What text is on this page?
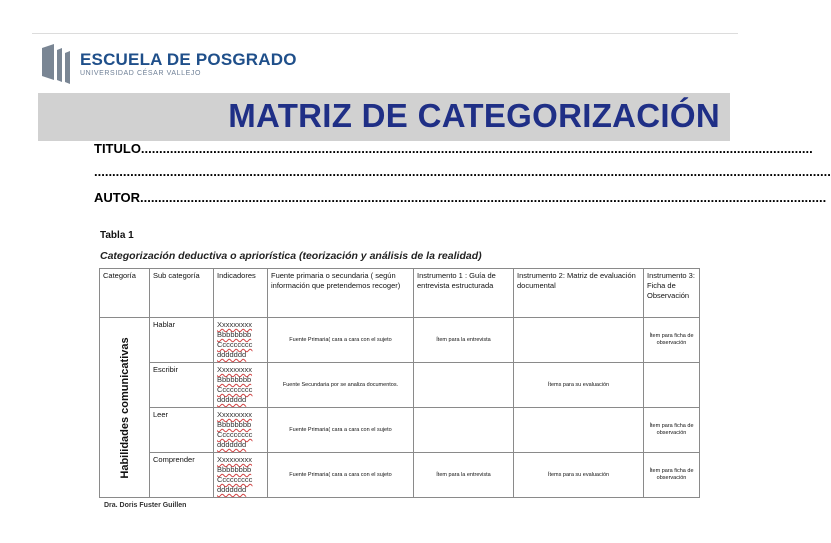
ESCUELA DE POSGRADO
UNIVERSIDAD CÉSAR VALLEJO
MATRIZ DE CATEGORIZACIÓN
TITULO..........................................................................................................................................................................................
............................................................................................................................................................................................................
AUTOR..............................................................................................................................................................................................
Tabla 1
Categorización deductiva o apriorística (teorización y análisis de la realidad)
Categoría	Sub categoría	Indicadores	Fuente primaria o secundaria ( según información que pretendemos recoger)	Instrumento 1 : Guía de entrevista estructurada	Instrumento 2: Matriz de evaluación documental	Instrumento 3: Ficha de Observación

Habilidades comunicativas	Hablar	Xxxxxxxxx
Bbbbbbbb
Ccccccccc
ddddddd	Fuente Primaria( cara a cara con el sujeto	Ítem para la entrevista		Ítem para ficha de observación
	Escribir	Xxxxxxxxx
Bbbbbbbb
Ccccccccc
ddddddd	Fuente Secundaria por se analiza documentos.		Ítems para su evaluación	
	Leer	Xxxxxxxxx
Bbbbbbbb
Ccccccccc
ddddddd	Fuente Primaria( cara a cara con el sujeto			Ítem para ficha de observación
	Comprender	Xxxxxxxxx
Bbbbbbbb
Ccccccccc
ddddddd	Fuente Primaria( cara a cara con el sujeto	Ítem para la entrevista	Ítems para su evaluación	Ítem para ficha de observación
Dra. Doris Fuster Guillen
